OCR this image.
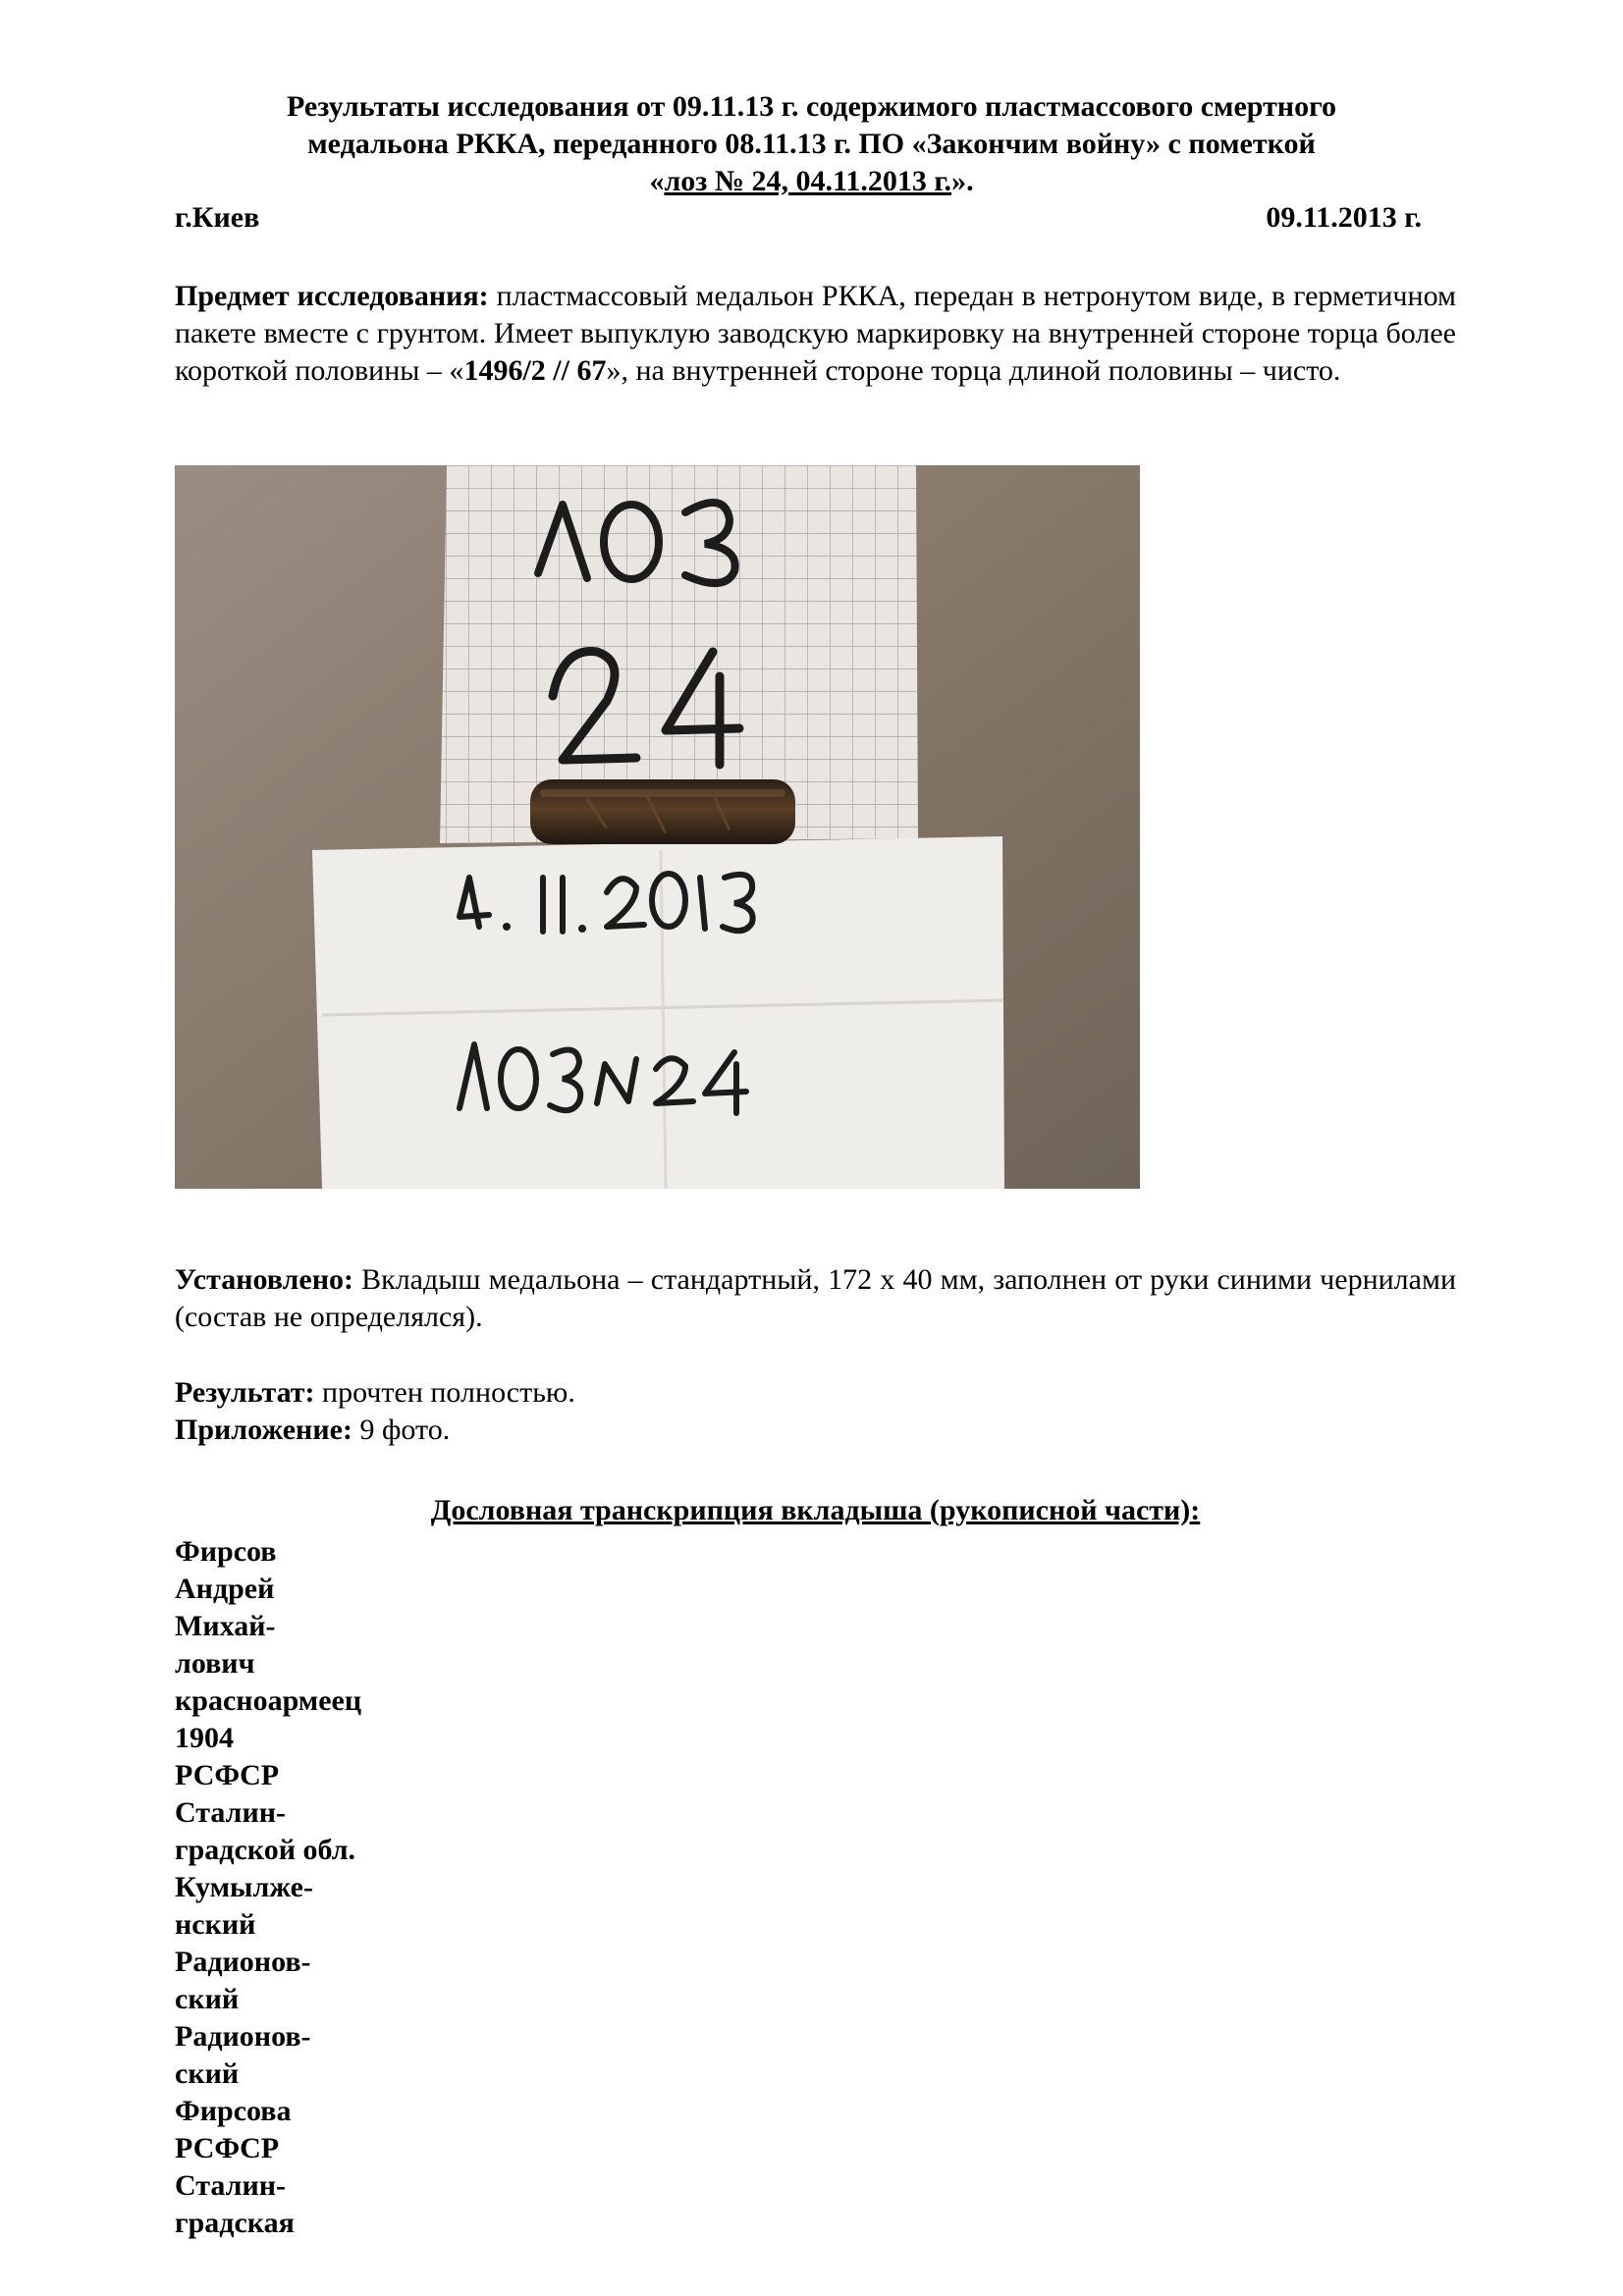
Результаты исследования от 09.11.13 г. содержимого пластмассового смертного
медальона РККА, переданного 08.11.13 г. ПО «Закончим войну» с пометкой
«лоз № 24, 04.11.2013 г.».
г.Киев	09.11.2013 г.
Предмет исследования: пластмассовый медальон РККА, передан в нетронутом виде, в герметичном пакете вместе с грунтом. Имеет выпуклую заводскую маркировку на внутренней стороне торца более короткой половины – «1496/2 // 67», на внутренней стороне торца длиной половины – чисто.
Установлено: Вкладыш медальона – стандартный, 172 х 40 мм, заполнен от руки синими чернилами (состав не определялся).
Результат: прочтен полностью.
Приложение: 9 фото.
Дословная транскрипция вкладыша (рукописной части):
Фирсов
Андрей
Михай-
лович
красноармеец
1904
РСФСР
Сталин-
градской обл.
Кумылже-
нский
Радионов-
ский
Радионов-
ский
Фирсова
РСФСР
Сталин-
градская
